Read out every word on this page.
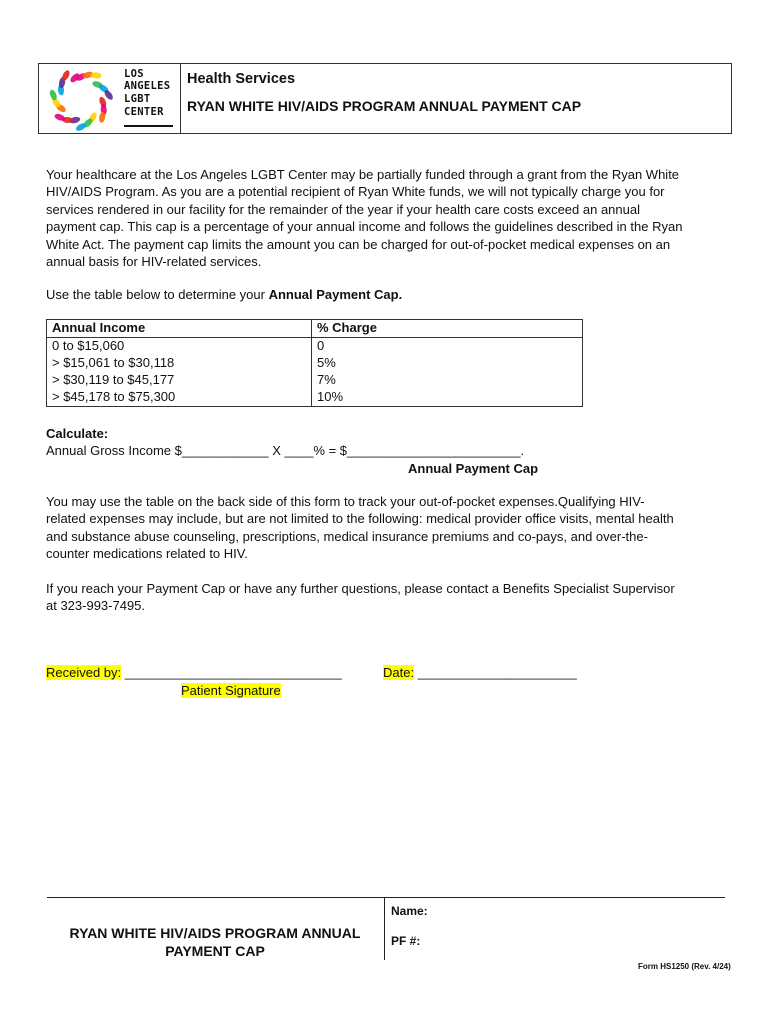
LOS
ANGELES
LGBT
CENTER
Health Services
RYAN WHITE HIV/AIDS PROGRAM ANNUAL PAYMENT CAP
Your healthcare at the Los Angeles LGBT Center may be partially funded through a grant from the Ryan White
HIV/AIDS Program. As you are a potential recipient of Ryan White funds, we will not typically charge you for
services rendered in our facility for the remainder of the year if your health care costs exceed an annual
payment cap. This cap is a percentage of your annual income and follows the guidelines described in the Ryan
White Act. The payment cap limits the amount you can be charged for out-of-pocket medical expenses on an
annual basis for HIV-related services.
Use the table below to determine your Annual Payment Cap.
Annual Income	% Charge
0 to $15,060	0
> $15,061 to $30,118	5%
> $30,119 to $45,177	7%
> $45,178 to $75,300	10%
Calculate:
Annual Gross Income $____________ X ____% = $________________________.
Annual Payment Cap
You may use the table on the back side of this form to track your out-of-pocket expenses.Qualifying HIV-
related expenses may include, but are not limited to the following: medical provider office visits, mental health
and substance abuse counseling, prescriptions, medical insurance premiums and co-pays, and over-the-
counter medications related to HIV.
If you reach your Payment Cap or have any further questions, please contact a Benefits Specialist Supervisor
at 323-993-7495.
Received by: ______________________________	Date: ______________________
Patient Signature
RYAN WHITE HIV/AIDS PROGRAM ANNUAL
PAYMENT CAP
Name:
PF #:
Form HS1250 (Rev. 4/24)
